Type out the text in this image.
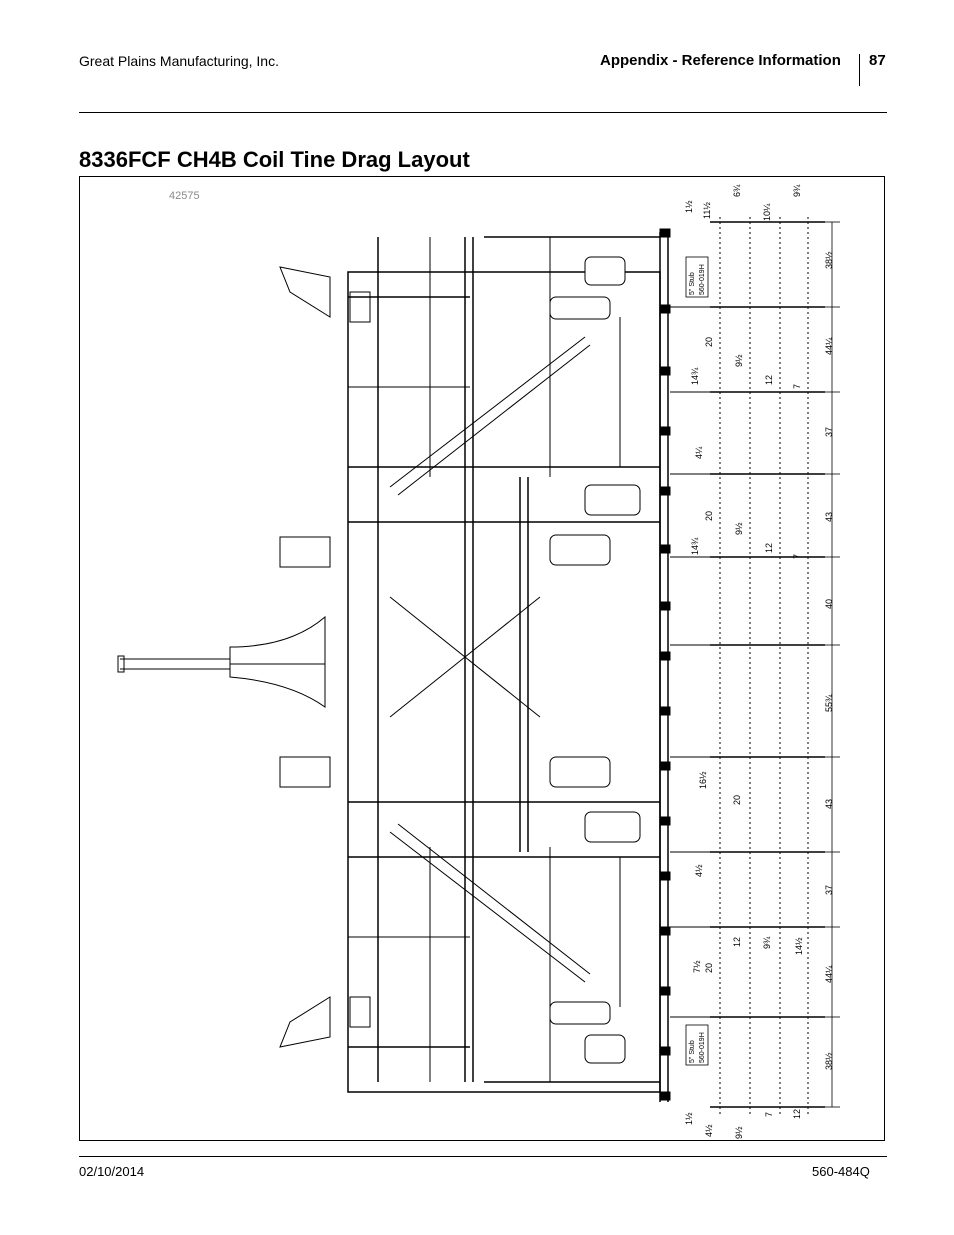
Great Plains Manufacturing, Inc.	Appendix - Reference Information 87
8336FCF CH4B Coil Tine Drag Layout
42575
5" Stub 560-019H
5" Stub 560-019H
38½
44¼
37
43
40
55¾
43
37
44¼
38½
1½ 11½
6¾
10¼
9¾
20
9½
14¾	12
7
4¼
20
9½
14¾	12
7
16½
20
4½
12 9¾ 14½
7½ 20
1½
4½ 9½
7 12
02/10/2014	560-484Q
